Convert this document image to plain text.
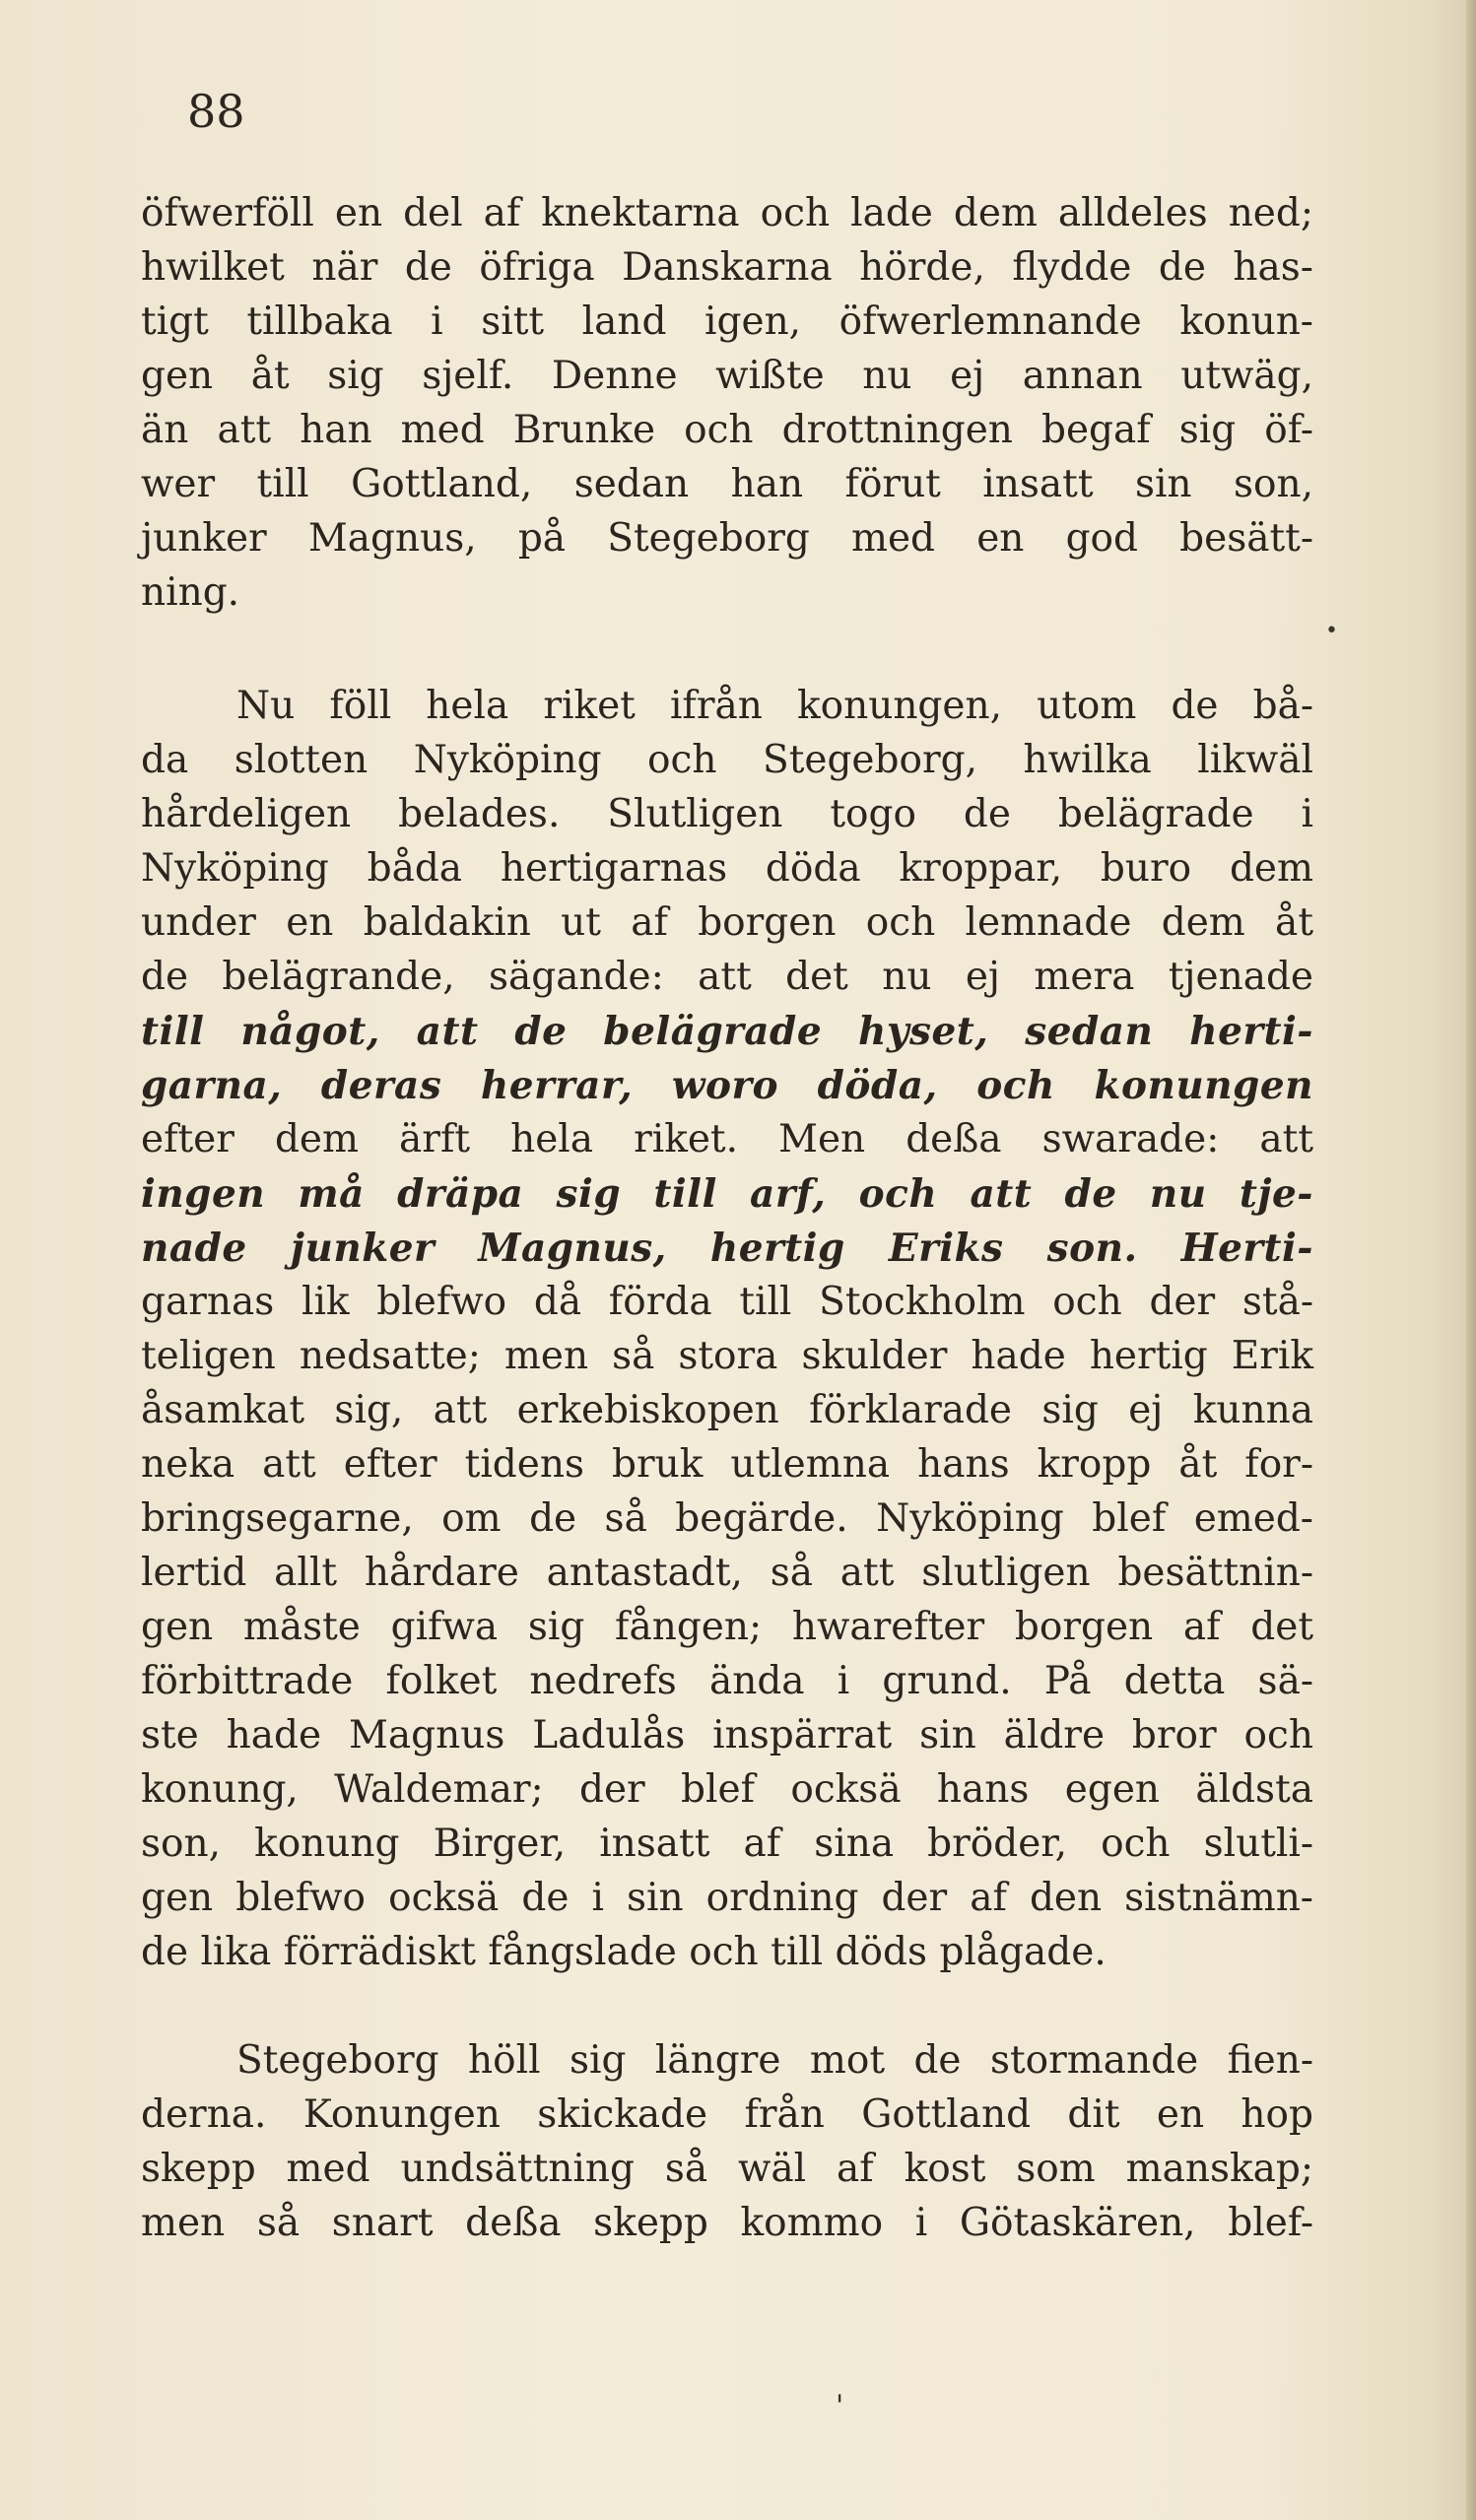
88
öfwerföll en del af knektarna och lade dem alldeles ned;
hwilket när de öfriga Danskarna hörde, flydde de has-
tigt tillbaka i sitt land igen, öfwerlemnande konun-
gen åt sig sjelf. Denne wißte nu ej annan utwäg,
än att han med Brunke och drottningen begaf sig öf-
wer till Gottland, sedan han förut insatt sin son,
junker Magnus, på Stegeborg med en god besätt-
ning.
Nu föll hela riket ifrån konungen, utom de bå-
da slotten Nyköping och Stegeborg, hwilka likwäl
hårdeligen belades. Slutligen togo de belägrade i
Nyköping båda hertigarnas döda kroppar, buro dem
under en baldakin ut af borgen och lemnade dem åt
de belägrande, sägande: att det nu ej mera tjenade
till något, att de belägrade hyset, sedan herti-
garna, deras herrar, woro döda, och konungen
efter dem ärft hela riket. Men deßa swarade: att
ingen må dräpa sig till arf, och att de nu tje-
nade junker Magnus, hertig Eriks son. Herti-
garnas lik blefwo då förda till Stockholm och der stå-
teligen nedsatte; men så stora skulder hade hertig Erik
åsamkat sig, att erkebiskopen förklarade sig ej kunna
neka att efter tidens bruk utlemna hans kropp åt for-
bringsegarne, om de så begärde. Nyköping blef emed-
lertid allt hårdare antastadt, så att slutligen besättnin-
gen måste gifwa sig fången; hwarefter borgen af det
förbittrade folket nedrefs ända i grund. På detta sä-
ste hade Magnus Ladulås inspärrat sin äldre bror och
konung, Waldemar; der blef ocksä hans egen äldsta
son, konung Birger, insatt af sina bröder, och slutli-
gen blefwo ocksä de i sin ordning der af den sistnämn-
de lika förrädiskt fångslade och till döds plågade.
Stegeborg höll sig längre mot de stormande fien-
derna. Konungen skickade från Gottland dit en hop
skepp med undsättning så wäl af kost som manskap;
men så snart deßa skepp kommo i Götaskären, blef-
•
'
